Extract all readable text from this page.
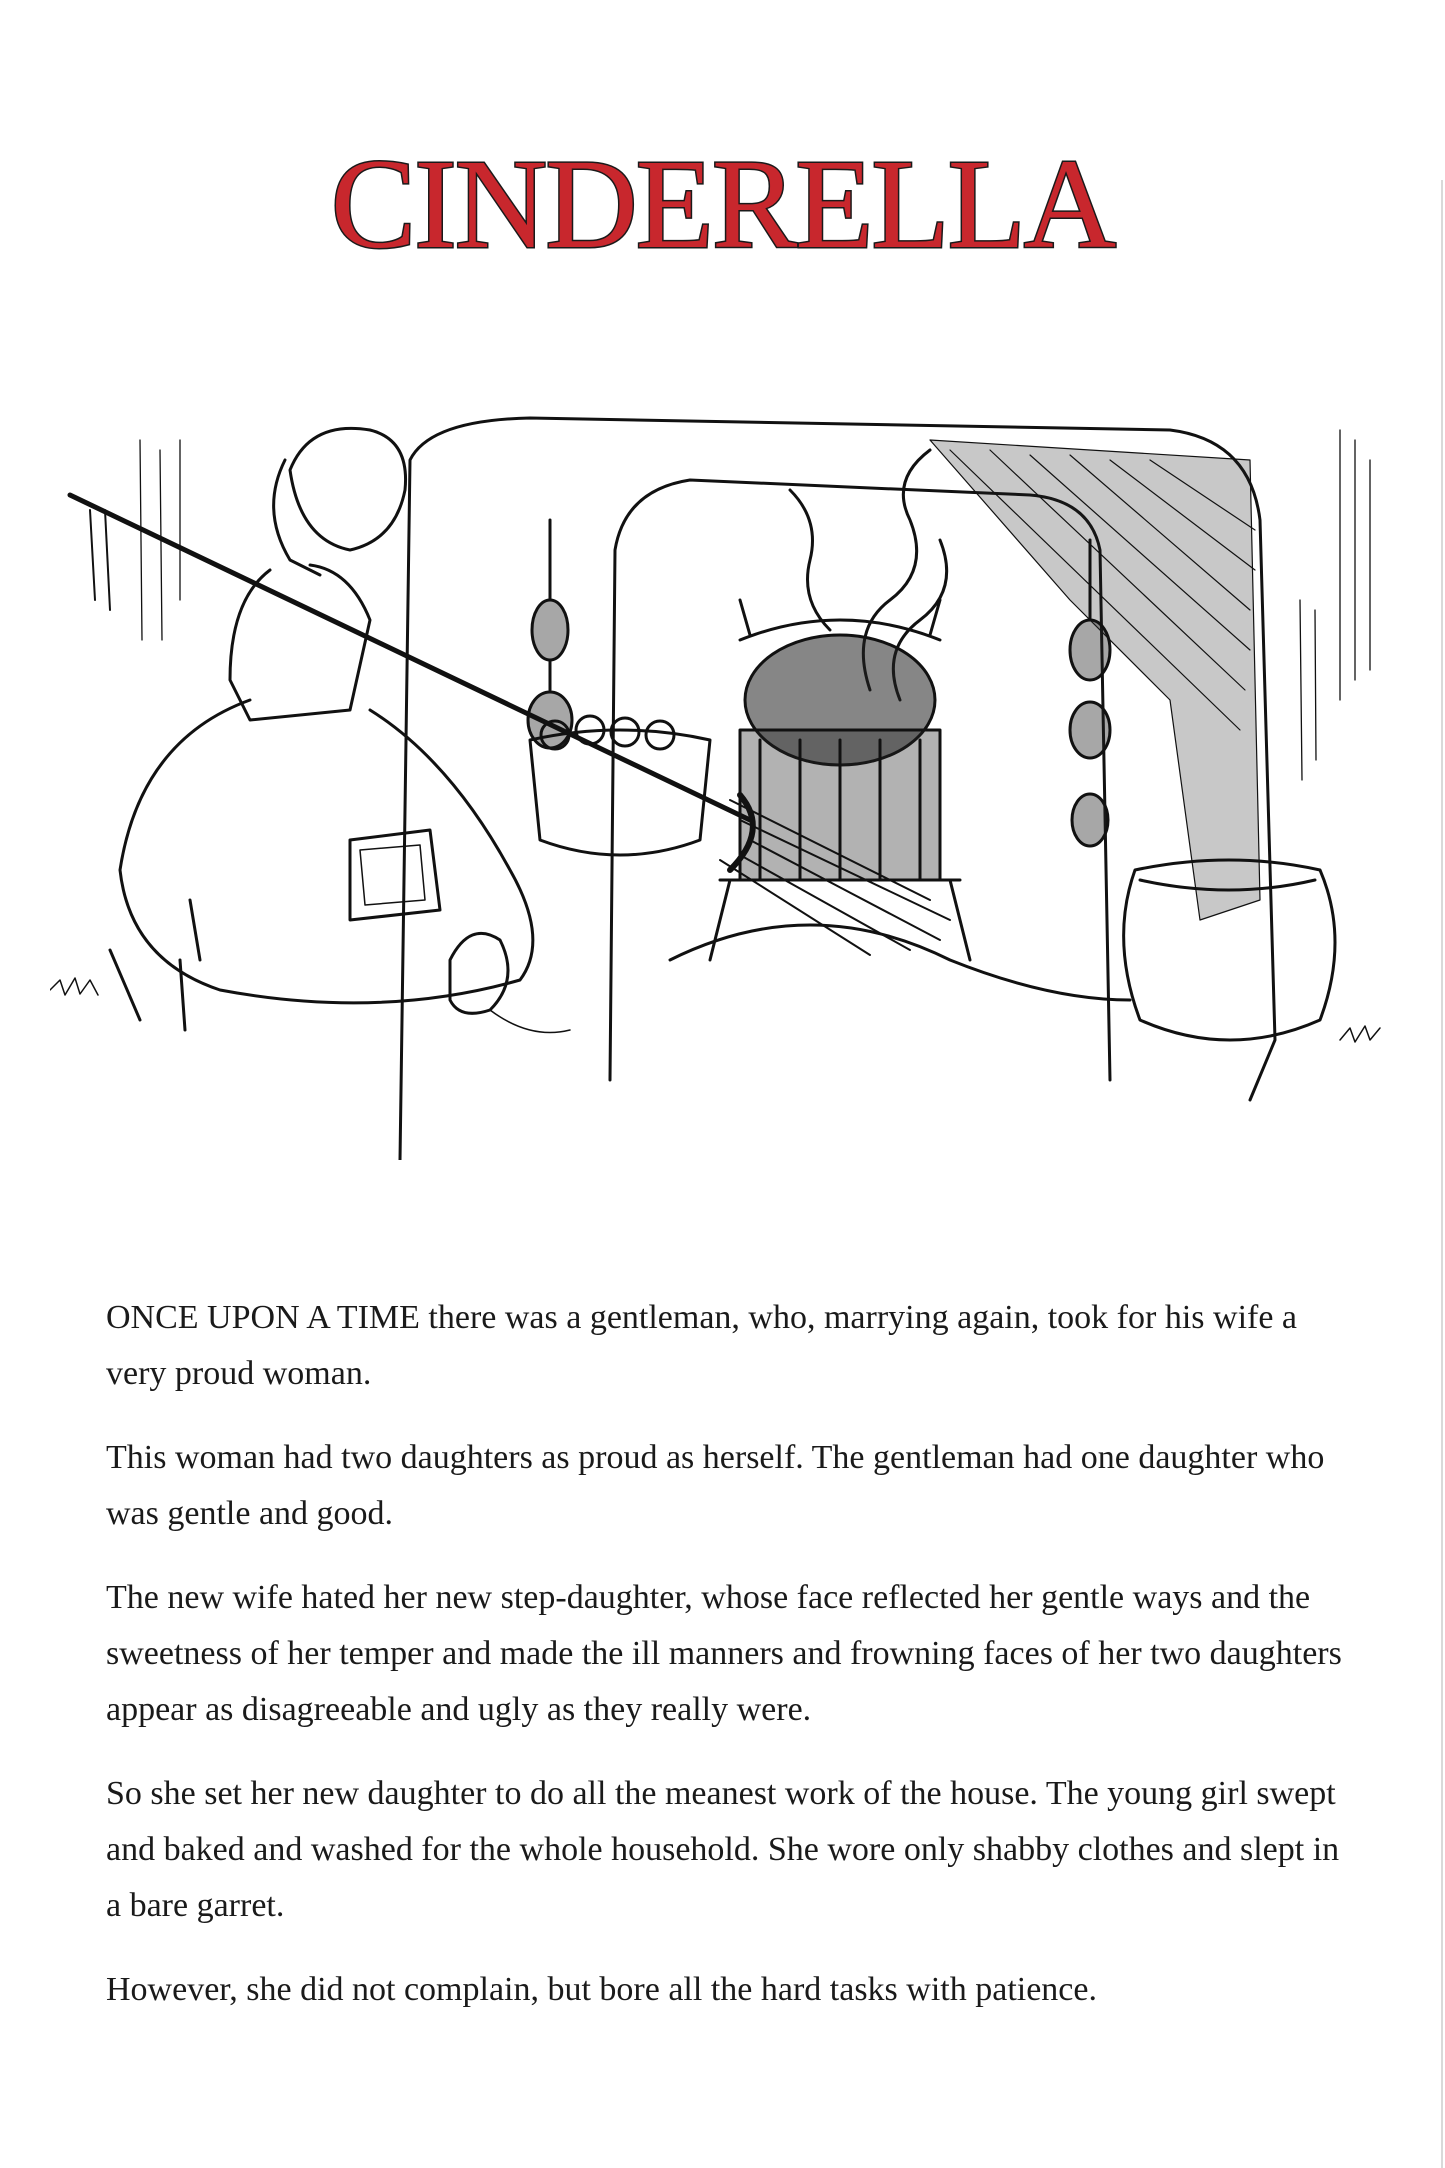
CINDERELLA

ONCE UPON A TIME there was a gentleman, who, marrying again, took for his wife a very proud woman.

This woman had two daughters as proud as herself. The gentleman had one daughter who was gentle and good.

The new wife hated her new step-daughter, whose face reflected her gentle ways and the sweetness of her temper and made the ill manners and frowning faces of her two daughters appear as disagreeable and ugly as they really were.

So she set her new daughter to do all the meanest work of the house. The young girl swept and baked and washed for the whole household. She wore only shabby clothes and slept in a bare garret.

However, she did not complain, but bore all the hard tasks with patience.
